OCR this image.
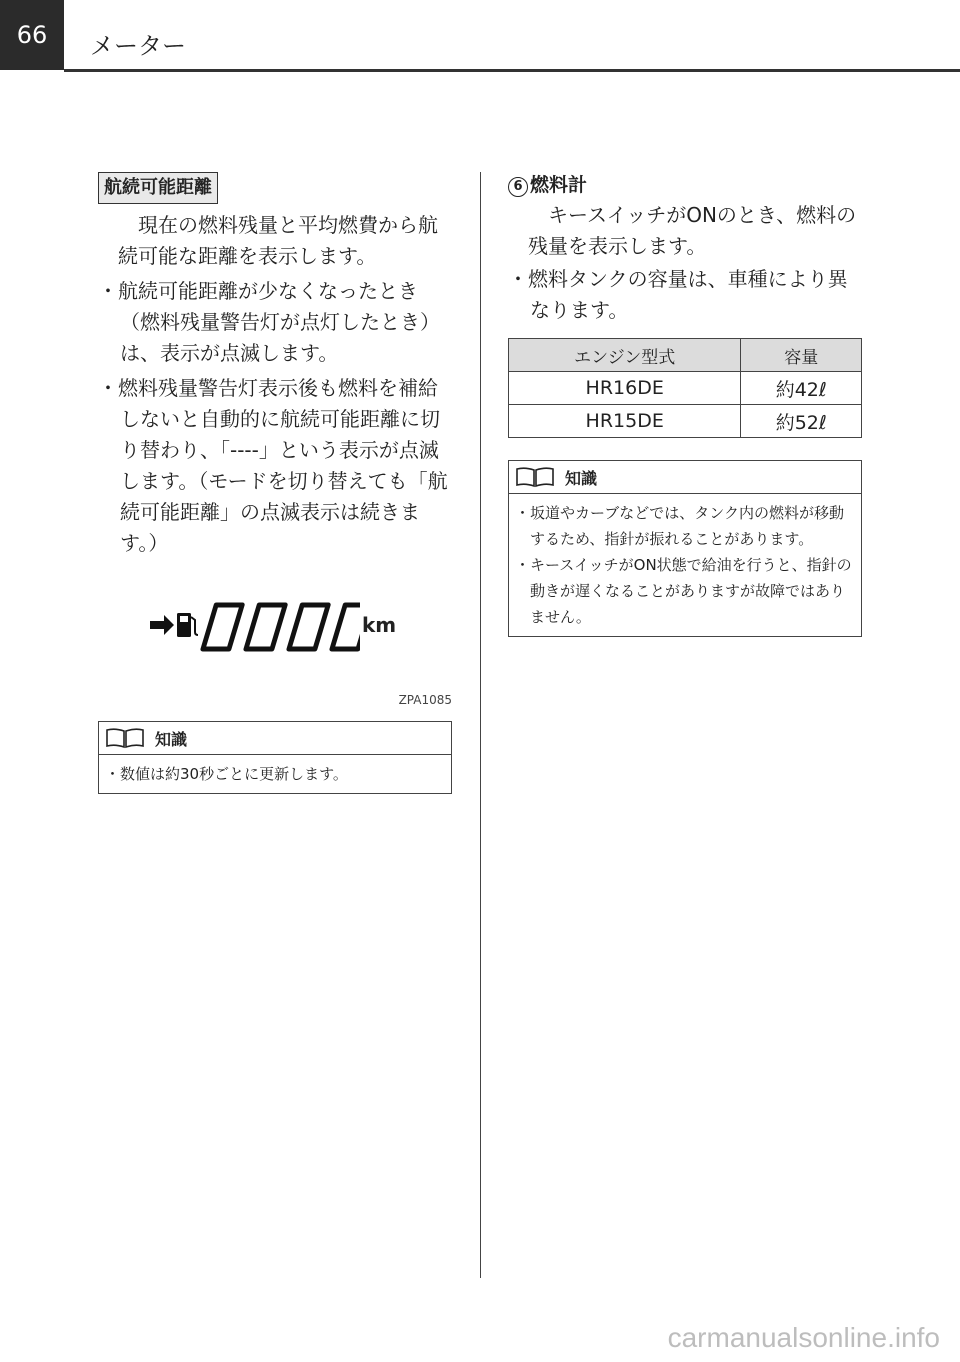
66	メーター
航続可能距離

現在の燃料残量と平均燃費から航続可能な距離を表示します。

・航続可能距離が少なくなったとき（燃料残量警告灯が点灯したとき）は、表示が点滅します。

・燃料残量警告灯表示後も燃料を補給しないと自動的に航続可能距離に切り替わり、「----」という表示が点滅します。（モードを切り替えても「航続可能距離」の点滅表示は続きます。）

km
ZPA1085
知識

・数値は約30秒ごとに更新します。

6 燃料計

キースイッチがONのとき、燃料の残量を表示します。

・燃料タンクの容量は、車種により異なります。

エンジン型式	容量
HR16DE	約42ℓ
HR15DE	約52ℓ
知識

・坂道やカーブなどでは、タンク内の燃料が移動するため、指針が振れることがあります。

・キースイッチがON状態で給油を行うと、指針の動きが遅くなることがありますが故障ではありません。

carmanualsonline.info
